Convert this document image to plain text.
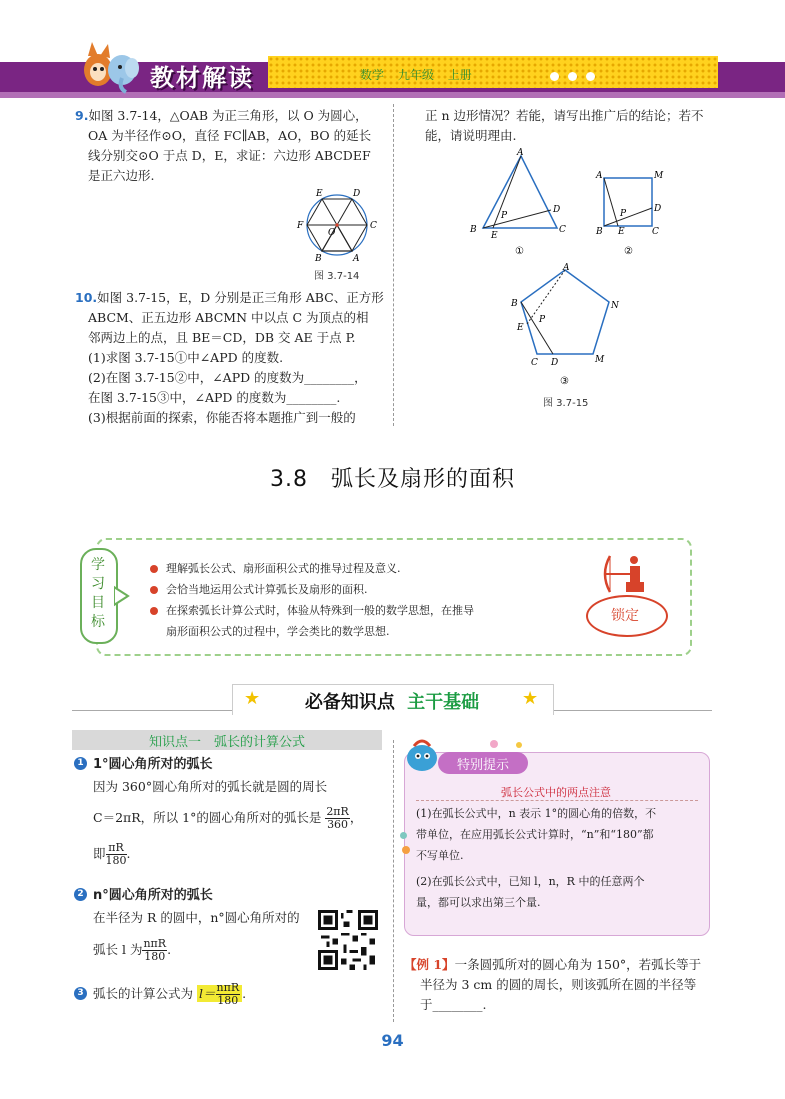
教材解读	数学 九年级 上册
9.如图 3.7-14，△OAB 为正三角形，以 O 为圆心，
OA 为半径作⊙O，直径 FC∥AB，AO，BO 的延长
线分别交⊙O 于点 D，E，求证：六边形 ABCDEF
是正六边形.
E	D
F
O
C
A
B
图 3.7-14
10.如图 3.7-15，E，D 分别是正三角形 ABC、正方形
ABCM、正五边形 ABCMN 中以点 C 为顶点的相
邻两边上的点，且 BE＝CD，DB 交 AE 于点 P.
(1)求图 3.7-15①中∠APD 的度数.
(2)在图 3.7-15②中，∠APD 的度数为________，
在图 3.7-15③中，∠APD 的度数为________.
(3)根据前面的探索，你能否将本题推广到一般的
正 n 边形情况？若能，请写出推广后的结论；若不
能，请说明理由.
A
B	C
D
E
P
①
A	M
D
P
B E	C
②
A
B	N
P
E
C D	M
③
图 3.7-15
3.8　弧长及扇形的面积
学
习
目
标
理解弧长公式、扇形面积公式的推导过程及意义.
会恰当地运用公式计算弧长及扇形的面积.
在探索弧长计算公式时，体验从特殊到一般的数学思想，在推导
扇形面积公式的过程中，学会类比的数学思想.
锁定
★	★
必备知识点 主干基础
知识点一　弧长的计算公式
1 1°圆心角所对的弧长
因为 360°圆心角所对的弧长就是圆的周长
C＝2πR，所以 1°的圆心角所对的弧长是 $\frac{2\pi R}{360}$ ，
即 $\frac{\pi R}{180}$ .
2 n°圆心角所对的弧长
在半径为 R 的圆中，n°圆心角所对的
弧长 l 为 $\frac{\text{nπR}}{180}$ .
3 弧长的计算公式为 $l= \frac{\text{nπR}}{180}$ .
特别提示
弧长公式中的两点注意
(1)在弧长公式中，n 表示 1°的圆心角的倍数，不
带单位，在应用弧长公式计算时，“n”和“180”都
不写单位.
(2)在弧长公式中，已知 l，n，R 中的任意两个
量，都可以求出第三个量.
【例 1】一条圆弧所对的圆心角为 150°，若弧长等于
半径为 3 cm 的圆的周长，则该弧所在圆的半径等
于________.
94
